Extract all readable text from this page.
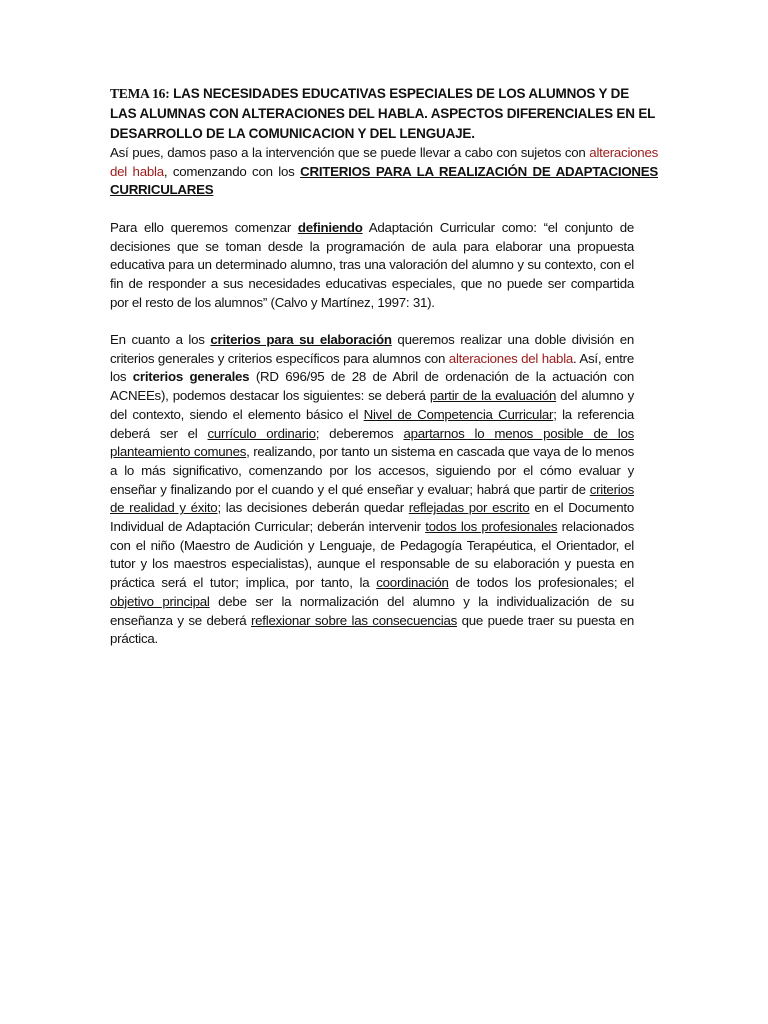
TEMA 16: LAS NECESIDADES EDUCATIVAS ESPECIALES DE LOS ALUMNOS Y DE LAS ALUMNAS CON ALTERACIONES DEL HABLA. ASPECTOS DIFERENCIALES EN EL DESARROLLO DE LA COMUNICACION Y DEL LENGUAJE.

Así pues, damos paso a la intervención que se puede llevar a cabo con sujetos con alteraciones del habla, comenzando con los CRITERIOS PARA LA REALIZACIÓN DE ADAPTACIONES CURRICULARES

Para ello queremos comenzar definiendo Adaptación Curricular como: “el conjunto de decisiones que se toman desde la programación de aula para elaborar una propuesta educativa para un determinado alumno, tras una valoración del alumno y su contexto, con el fin de responder a sus necesidades educativas especiales, que no puede ser compartida por el resto de los alumnos” (Calvo y Martínez, 1997: 31).

En cuanto a los criterios para su elaboración queremos realizar una doble división en criterios generales y criterios específicos para alumnos con alteraciones del habla. Así, entre los criterios generales (RD 696/95 de 28 de Abril de ordenación de la actuación con ACNEEs), podemos destacar los siguientes: se deberá partir de la evaluación del alumno y del contexto, siendo el elemento básico el Nivel de Competencia Curricular; la referencia deberá ser el currículo ordinario; deberemos apartarnos lo menos posible de los planteamiento comunes, realizando, por tanto un sistema en cascada que vaya de lo menos a lo más significativo, comenzando por los accesos, siguiendo por el cómo evaluar y enseñar y finalizando por el cuando y el qué enseñar y evaluar; habrá que partir de criterios de realidad y éxito; las decisiones deberán quedar reflejadas por escrito en el Documento Individual de Adaptación Curricular; deberán intervenir todos los profesionales relacionados con el niño (Maestro de Audición y Lenguaje, de Pedagogía Terapéutica, el Orientador, el tutor y los maestros especialistas), aunque el responsable de su elaboración y puesta en práctica será el tutor; implica, por tanto, la coordinación de todos los profesionales; el objetivo principal debe ser la normalización del alumno y la individualización de su enseñanza y se deberá reflexionar sobre las consecuencias que puede traer su puesta en práctica.
